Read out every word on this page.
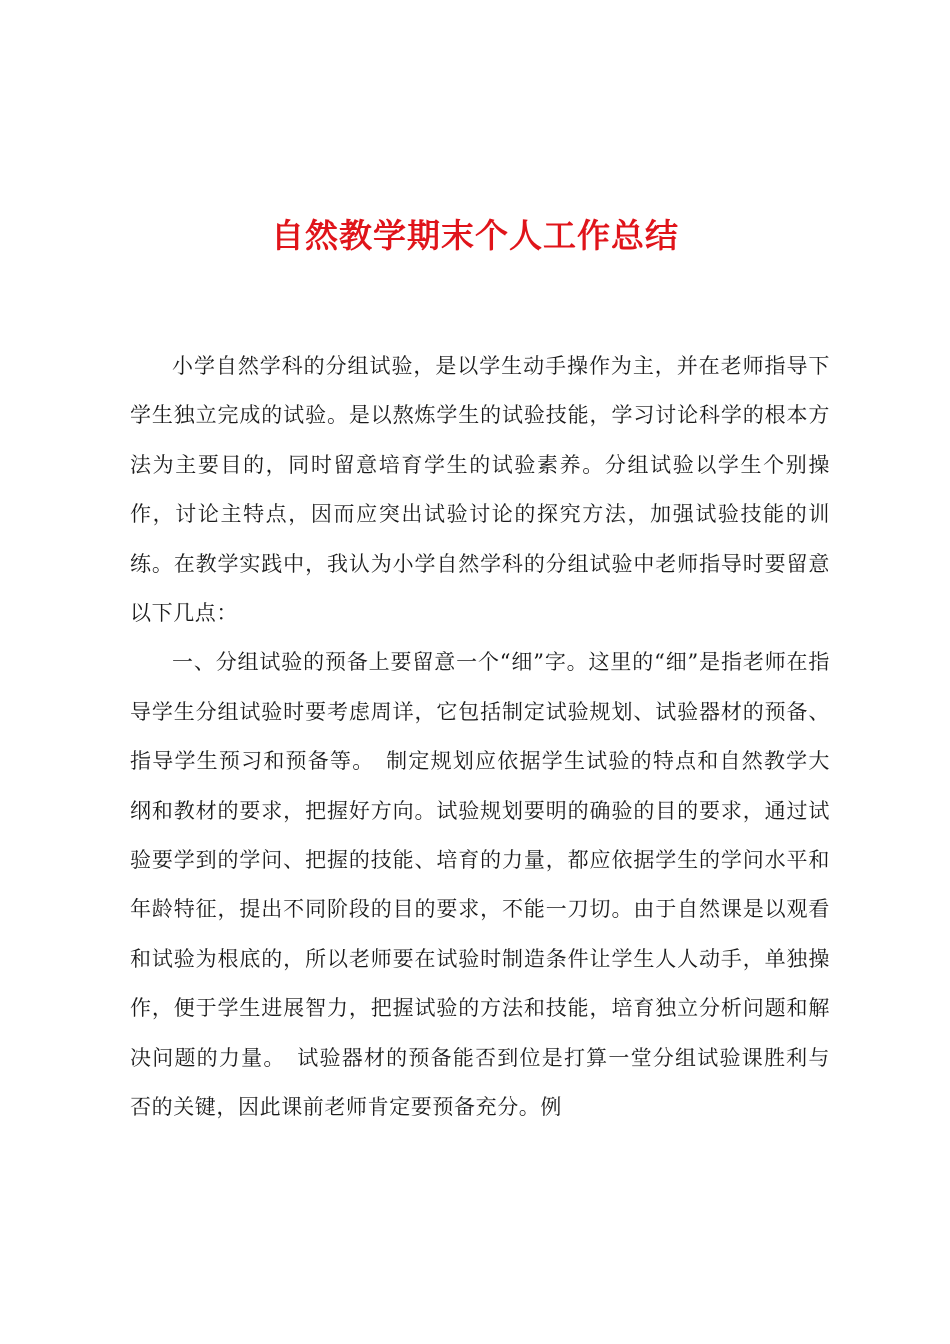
自然教学期末个人工作总结

小学自然学科的分组试验，是以学生动手操作为主，并在老师指导下学生独立完成的试验。是以熬炼学生的试验技能，学习讨论科学的根本方法为主要目的，同时留意培育学生的试验素养。分组试验以学生个别操作，讨论主特点，因而应突出试验讨论的探究方法，加强试验技能的训练。在教学实践中，我认为小学自然学科的分组试验中老师指导时要留意以下几点：

一、分组试验的预备上要留意一个“细”字。这里的“细”是指老师在指导学生分组试验时要考虑周详，它包括制定试验规划、试验器材的预备、指导学生预习和预备等。　制定规划应依据学生试验的特点和自然教学大纲和教材的要求，把握好方向。试验规划要明的确验的目的要求，通过试验要学到的学问、把握的技能、培育的力量，都应依据学生的学问水平和年龄特征，提出不同阶段的目的要求，不能一刀切。由于自然课是以观看和试验为根底的，所以老师要在试验时制造条件让学生人人动手，单独操作，便于学生进展智力，把握试验的方法和技能，培育独立分析问题和解决问题的力量。　试验器材的预备能否到位是打算一堂分组试验课胜利与否的关键，因此课前老师肯定要预备充分。例
